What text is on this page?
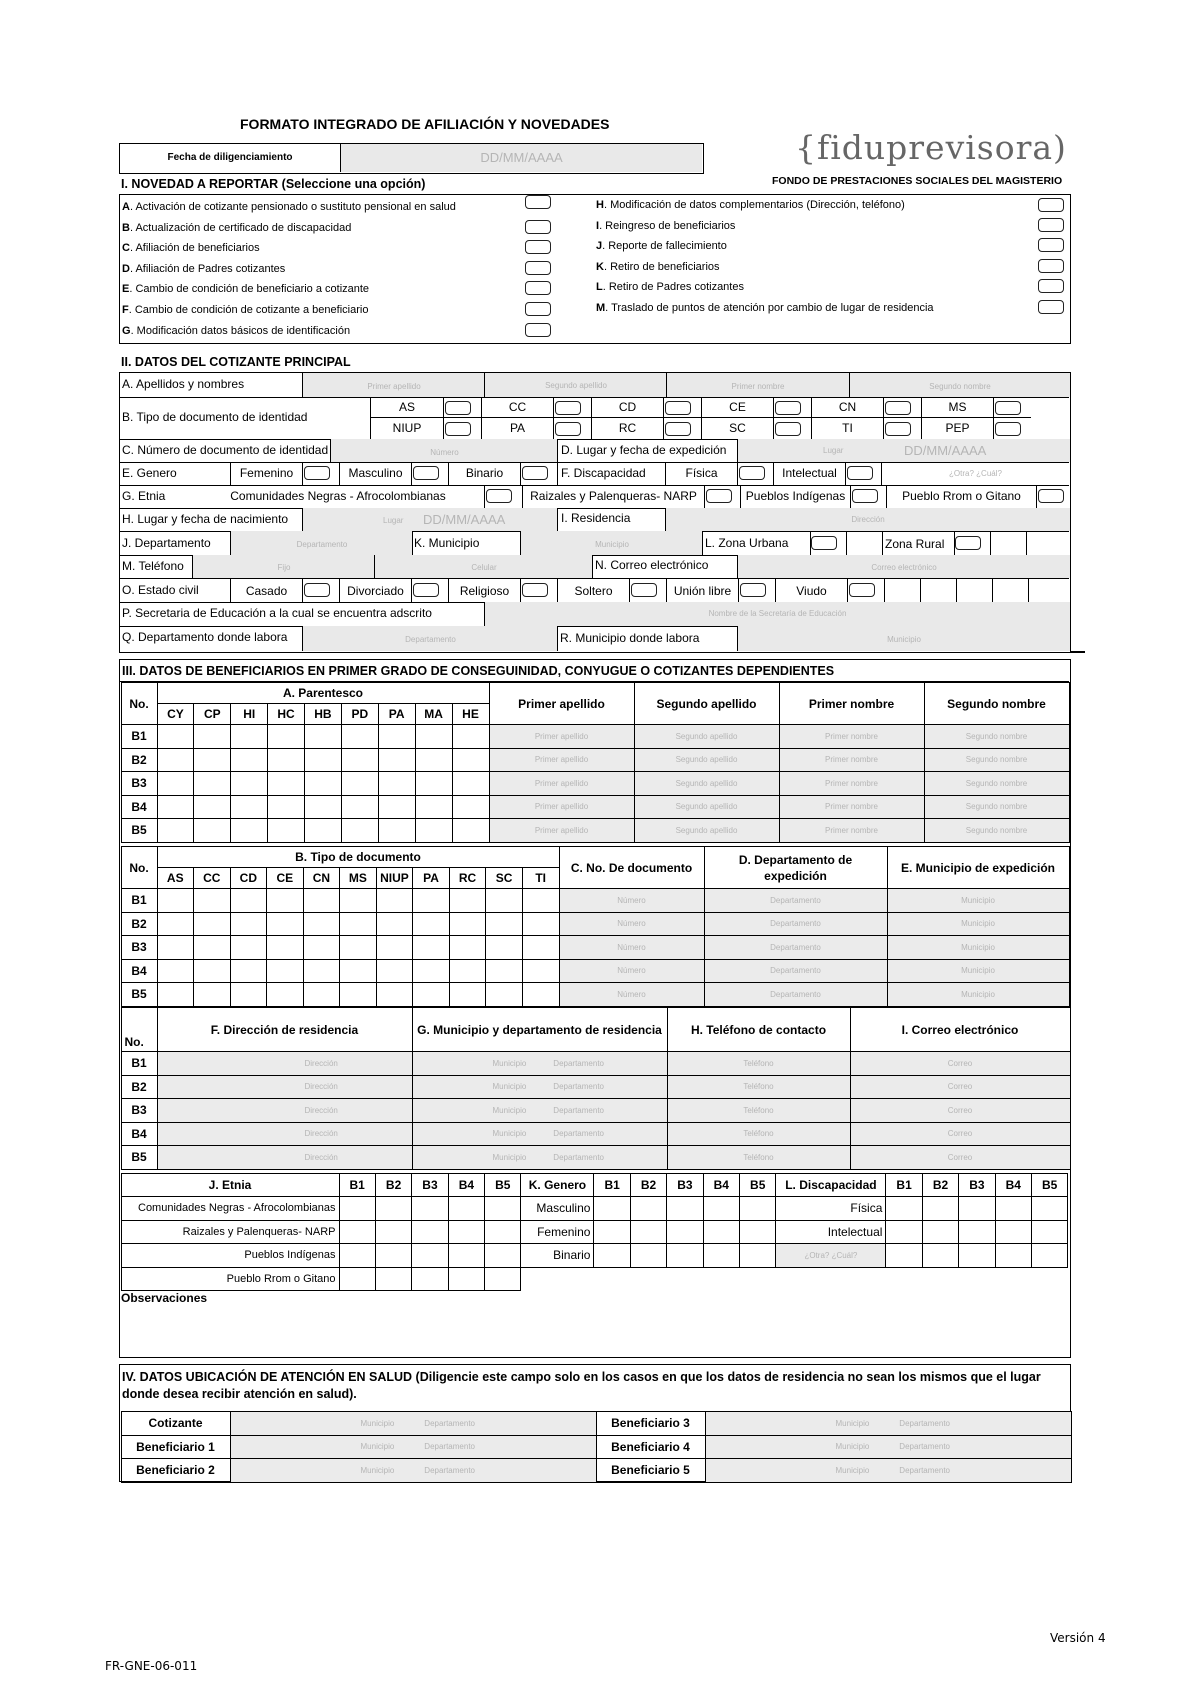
FORMATO INTEGRADO DE AFILIACIÓN Y NOVEDADES
Fecha de diligenciamiento	DD/MM/AAAA	{fiduprevisora)
FONDO DE PRESTACIONES SOCIALES DEL MAGISTERIO
I. NOVEDAD A REPORTAR (Seleccione una opción)
A. Activación de cotizante pensionado o sustituto pensional en salud
B. Actualización de certificado de discapacidad
C. Afiliación de beneficiarios
D. Afiliación de Padres cotizantes
E. Cambio de condición de beneficiario a cotizante
F. Cambio de condición de cotizante a beneficiario
G. Modificación datos básicos de identificación
H. Modificación de datos complementarios (Dirección, teléfono)
I. Reingreso de beneficiarios
J. Reporte de fallecimiento
K. Retiro de beneficiarios
L. Retiro de Padres cotizantes
M. Traslado de puntos de atención por cambio de lugar de residencia
II. DATOS DEL COTIZANTE PRINCIPAL
A. Apellidos y nombres	Primer apellido	Segundo apellido	Primer nombre	Segundo nombre
B. Tipo de documento de identidad
AS	CC	CD	CE	CN	MS
NIUP	PA	RC	SC	TI	PEP
C. Número de documento de identidad	Número	D. Lugar y fecha de expedición	Lugar	DD/MM/AAAA
E. Genero	Femenino	Masculino	Binario	F. Discapacidad	Física	Intelectual	¿Otra? ¿Cuál?
G. Etnia	Comunidades Negras - Afrocolombianas	Raizales y Palenqueras- NARP	Pueblos Indígenas	Pueblo Rrom o Gitano
H. Lugar y fecha de nacimiento	Lugar DD/MM/AAAA	I. Residencia	Dirección
J. Departamento	Departamento	K. Municipio	Municipio	L. Zona Urbana	Zona Rural
M. Teléfono	Fijo	Celular	N. Correo electrónico	Correo electrónico
O. Estado civil	Casado	Divorciado	Religioso	Soltero	Unión libre	Viudo
P. Secretaria de Educación a la cual se encuentra adscrito	Nombre de la Secretaría de Educación
Q. Departamento donde labora	Departamento	R. Municipio donde labora	Municipio
III. DATOS DE BENEFICIARIOS EN PRIMER GRADO DE CONSEGUINIDAD, CONYUGUE O COTIZANTES DEPENDIENTES
No.	A. Parentesco									Primer apellido	Segundo apellido	Primer nombre	Segundo nombre
	CY	CP	HI	HC	HB	PD	PA	MA	HE				
B1										Primer apellido	Segundo apellido	Primer nombre	Segundo nombre
B2										Primer apellido	Segundo apellido	Primer nombre	Segundo nombre
B3										Primer apellido	Segundo apellido	Primer nombre	Segundo nombre
B4										Primer apellido	Segundo apellido	Primer nombre	Segundo nombre
B5										Primer apellido	Segundo apellido	Primer nombre	Segundo nombre
No.	B. Tipo de documento											C. No. De documento	D. Departamento de expedición	E. Municipio de expedición
	AS	CC	CD	CE	CN	MS	NIUP	PA	RC	SC	TI			
B1												Número	Departamento	Municipio
B2												Número	Departamento	Municipio
B3												Número	Departamento	Municipio
B4												Número	Departamento	Municipio
B5												Número	Departamento	Municipio
No.	F. Dirección de residencia	G. Municipio y departamento de residencia	H. Teléfono de contacto	I. Correo electrónico
B1	Dirección	Municipio Departamento	Teléfono	Correo
B2	Dirección	Municipio Departamento	Teléfono	Correo
B3	Dirección	Municipio Departamento	Teléfono	Correo
B4	Dirección	Municipio Departamento	Teléfono	Correo
B5	Dirección	Municipio Departamento	Teléfono	Correo
J. Etnia	B1	B2	B3	B4	B5	K. Genero	B1	B2	B3	B4	B5	L. Discapacidad	B1	B2	B3	B4	B5
Comunidades Negras - Afrocolombianas						Masculino						Física					
Raizales y Palenqueras- NARP						Femenino						Intelectual					
Pueblos Indígenas						Binario						¿Otra? ¿Cuál?					
Pueblo Rrom o Gitano																	
Observaciones
IV. DATOS UBICACIÓN DE ATENCIÓN EN SALUD (Diligencie este campo solo en los casos en que los datos de residencia no sean los mismos que el lugar donde desea recibir atención en salud).
Cotizante	Municipio Departamento	Beneficiario 3	Municipio Departamento
Beneficiario 1	Municipio Departamento	Beneficiario 4	Municipio Departamento
Beneficiario 2	Municipio Departamento	Beneficiario 5	Municipio Departamento
Versión 4
FR-GNE-06-011
